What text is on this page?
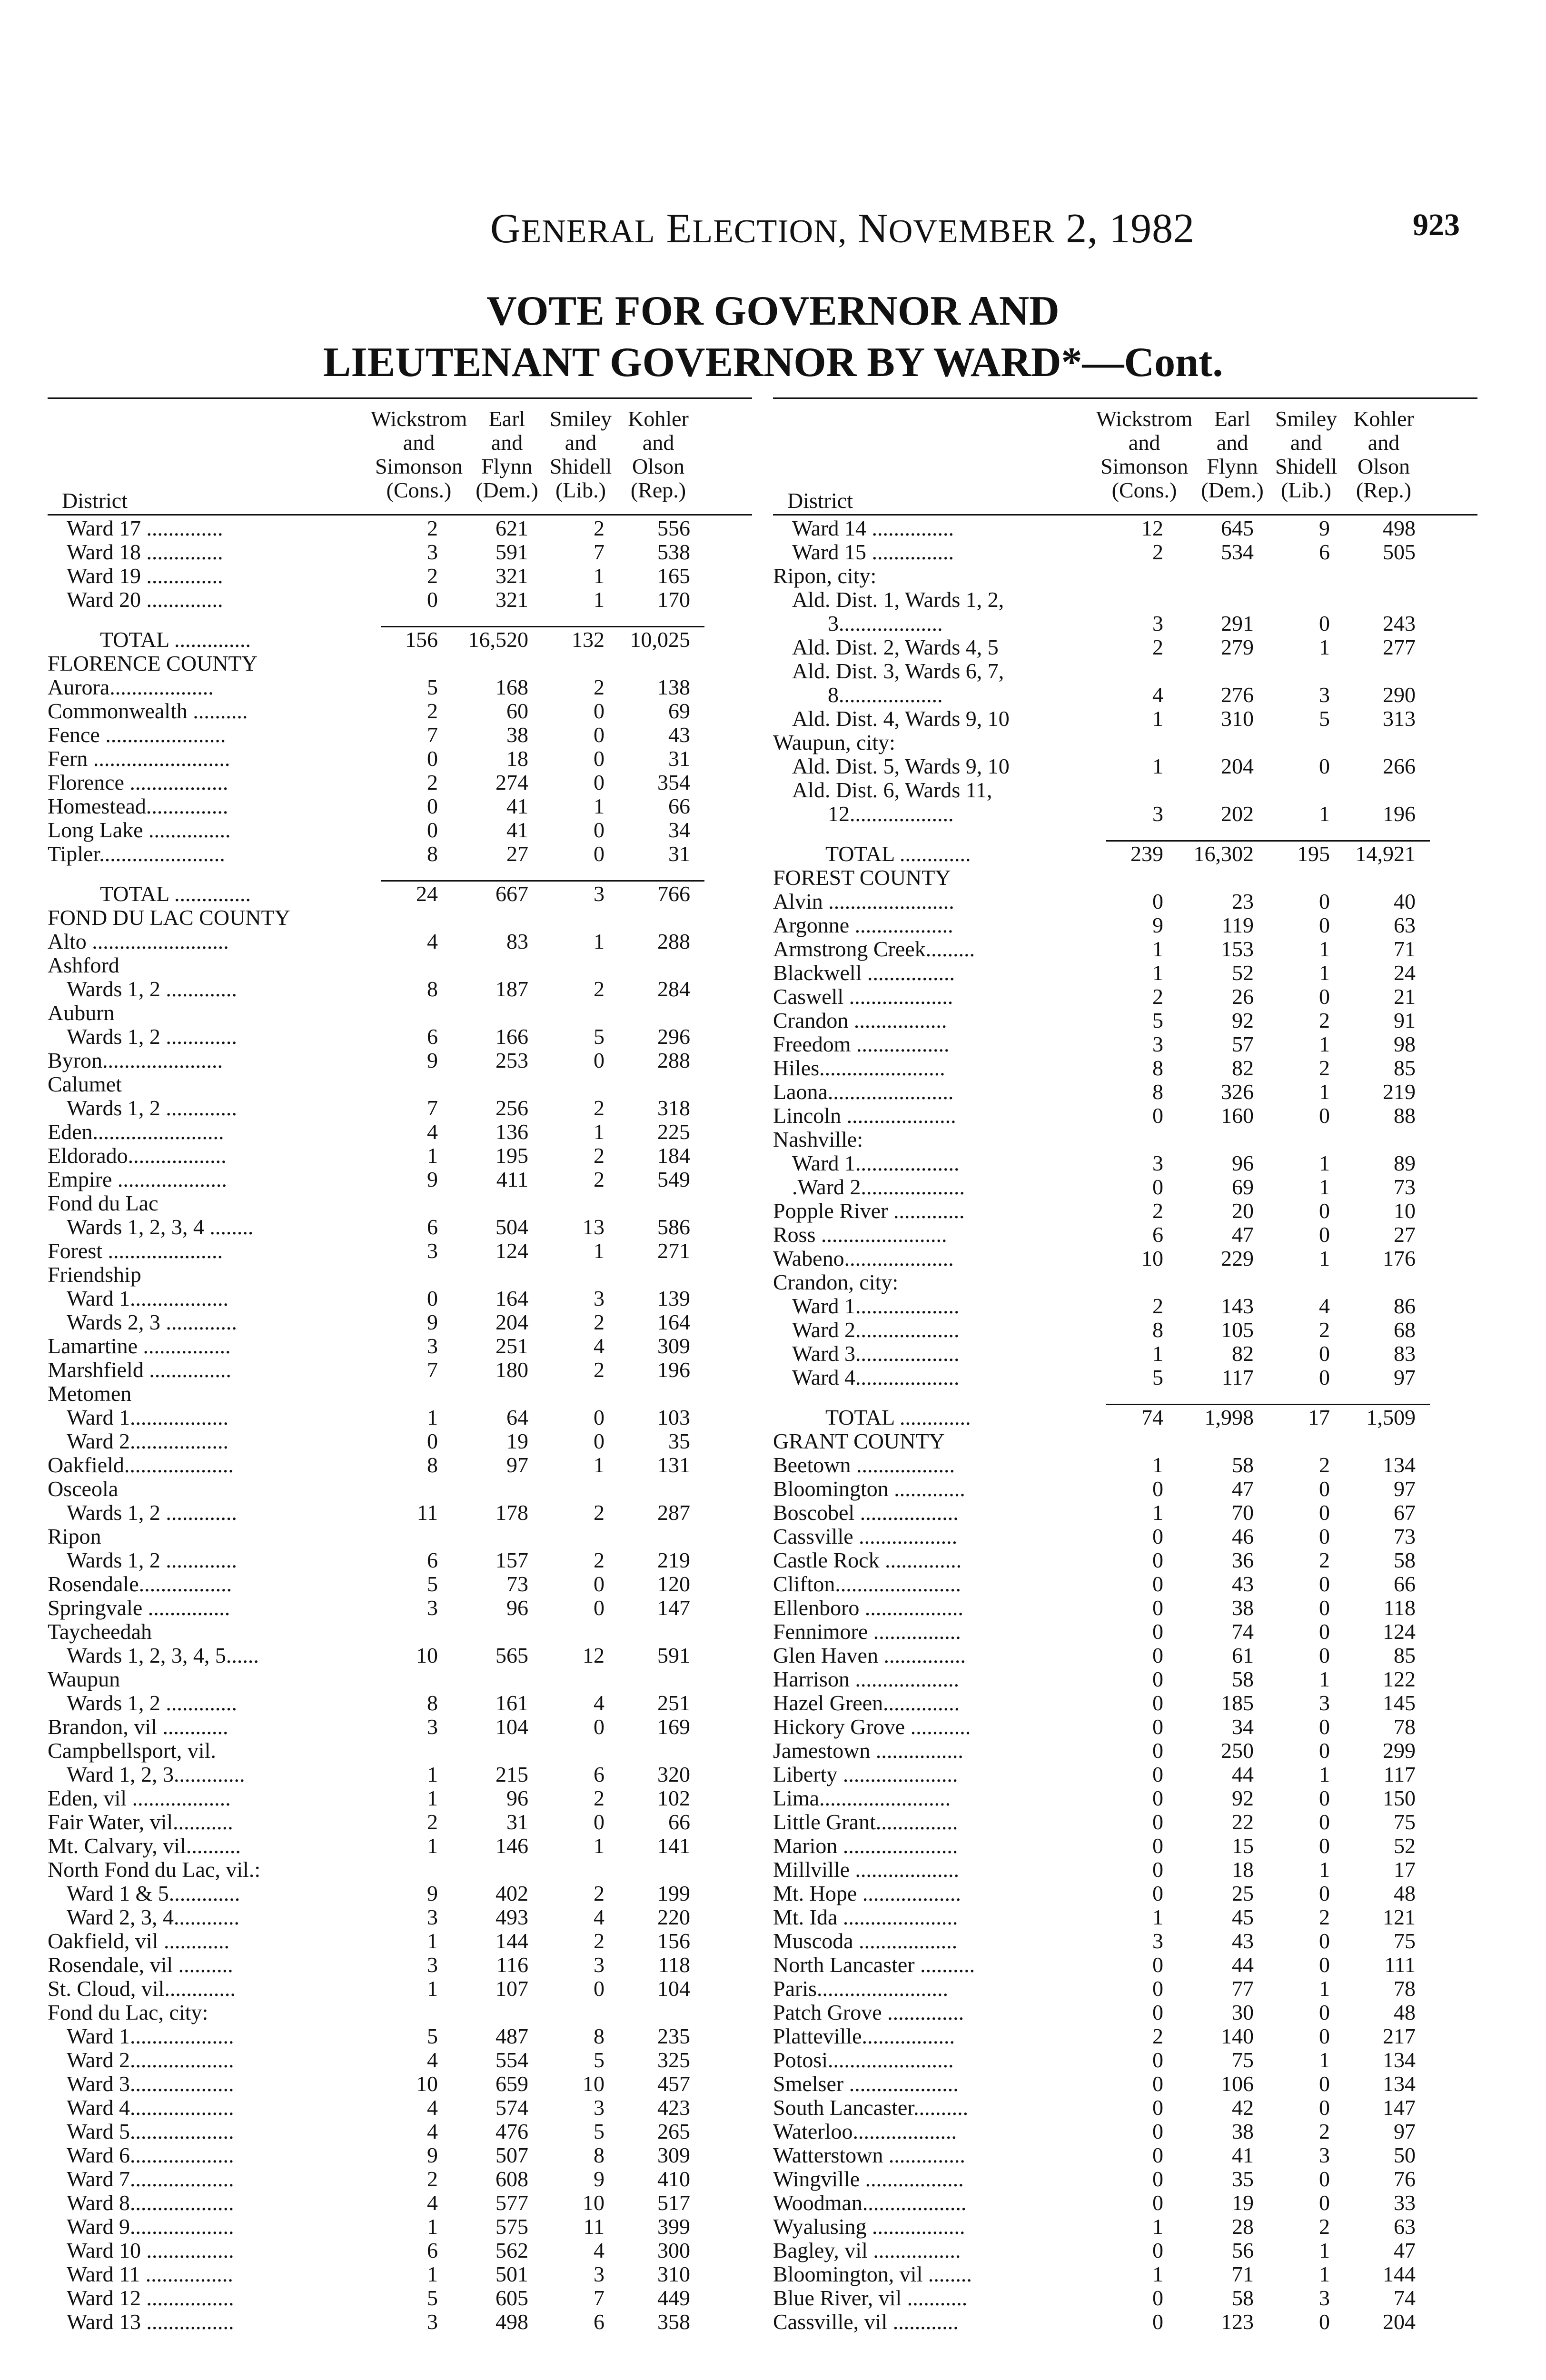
GENERAL ELECTION, NOVEMBER 2, 1982	923
VOTE FOR GOVERNOR AND
LIEUTENANT GOVERNOR BY WARD*—Cont.
Wickstrom
and
Simonson
(Cons.)
Earl
and
Flynn
(Dem.)
Smiley
and
Shidell
(Lib.)
Kohler
and
Olson
(Rep.)
District
Ward 17 ..............	2	621	2	556
Ward 18 ..............	3	591	7	538
Ward 19 ..............	2	321	1	165
Ward 20 ..............	0	321	1	170
TOTAL ..............	156	16,520	132	10,025
FLORENCE COUNTY
Aurora...................	5	168	2	138
Commonwealth ..........	2	60	0	69
Fence ......................	7	38	0	43
Fern .........................	0	18	0	31
Florence ..................	2	274	0	354
Homestead...............	0	41	1	66
Long Lake ...............	0	41	0	34
Tipler.......................	8	27	0	31
TOTAL ..............	24	667	3	766
FOND DU LAC COUNTY
Alto .........................	4	83	1	288
Ashford
Wards 1, 2 .............	8	187	2	284
Auburn
Wards 1, 2 .............	6	166	5	296
Byron......................	9	253	0	288
Calumet
Wards 1, 2 .............	7	256	2	318
Eden........................	4	136	1	225
Eldorado..................	1	195	2	184
Empire ....................	9	411	2	549
Fond du Lac
Wards 1, 2, 3, 4 ........	6	504	13	586
Forest .....................	3	124	1	271
Friendship
Ward 1..................	0	164	3	139
Wards 2, 3 .............	9	204	2	164
Lamartine ................	3	251	4	309
Marshfield ...............	7	180	2	196
Metomen
Ward 1..................	1	64	0	103
Ward 2..................	0	19	0	35
Oakfield....................	8	97	1	131
Osceola
Wards 1, 2 .............	11	178	2	287
Ripon
Wards 1, 2 .............	6	157	2	219
Rosendale.................	5	73	0	120
Springvale ...............	3	96	0	147
Taycheedah
Wards 1, 2, 3, 4, 5......	10	565	12	591
Waupun
Wards 1, 2 .............	8	161	4	251
Brandon, vil ............	3	104	0	169
Campbellsport, vil.
Ward 1, 2, 3.............	1	215	6	320
Eden, vil ..................	1	96	2	102
Fair Water, vil...........	2	31	0	66
Mt. Calvary, vil..........	1	146	1	141
North Fond du Lac, vil.:
Ward 1 & 5.............	9	402	2	199
Ward 2, 3, 4............	3	493	4	220
Oakfield, vil ............	1	144	2	156
Rosendale, vil ..........	3	116	3	118
St. Cloud, vil.............	1	107	0	104
Fond du Lac, city:
Ward 1...................	5	487	8	235
Ward 2...................	4	554	5	325
Ward 3...................	10	659	10	457
Ward 4...................	4	574	3	423
Ward 5...................	4	476	5	265
Ward 6...................	9	507	8	309
Ward 7...................	2	608	9	410
Ward 8...................	4	577	10	517
Ward 9...................	1	575	11	399
Ward 10 ................	6	562	4	300
Ward 11 ................	1	501	3	310
Ward 12 ................	5	605	7	449
Ward 13 ................	3	498	6	358
Wickstrom
and
Simonson
(Cons.)
Earl
and
Flynn
(Dem.)
Smiley
and
Shidell
(Lib.)
Kohler
and
Olson
(Rep.)
District
Ward 14 ...............	12	645	9	498
Ward 15 ...............	2	534	6	505
Ripon, city:
Ald. Dist. 1, Wards 1, 2,
3...................	3	291	0	243
Ald. Dist. 2, Wards 4, 5	2	279	1	277
Ald. Dist. 3, Wards 6, 7,
8...................	4	276	3	290
Ald. Dist. 4, Wards 9, 10	1	310	5	313
Waupun, city:
Ald. Dist. 5, Wards 9, 10	1	204	0	266
Ald. Dist. 6, Wards 11,
12...................	3	202	1	196
TOTAL .............	239	16,302	195	14,921
FOREST COUNTY
Alvin .......................	0	23	0	40
Argonne ..................	9	119	0	63
Armstrong Creek.........	1	153	1	71
Blackwell ................	1	52	1	24
Caswell ...................	2	26	0	21
Crandon .................	5	92	2	91
Freedom .................	3	57	1	98
Hiles.......................	8	82	2	85
Laona.......................	8	326	1	219
Lincoln ....................	0	160	0	88
Nashville:
Ward 1...................	3	96	1	89
.Ward 2...................	0	69	1	73
Popple River .............	2	20	0	10
Ross .......................	6	47	0	27
Wabeno....................	10	229	1	176
Crandon, city:
Ward 1...................	2	143	4	86
Ward 2...................	8	105	2	68
Ward 3...................	1	82	0	83
Ward 4...................	5	117	0	97
TOTAL .............	74	1,998	17	1,509
GRANT COUNTY
Beetown ..................	1	58	2	134
Bloomington .............	0	47	0	97
Boscobel ..................	1	70	0	67
Cassville ..................	0	46	0	73
Castle Rock ..............	0	36	2	58
Clifton.......................	0	43	0	66
Ellenboro ..................	0	38	0	118
Fennimore ................	0	74	0	124
Glen Haven ...............	0	61	0	85
Harrison ...................	0	58	1	122
Hazel Green..............	0	185	3	145
Hickory Grove ...........	0	34	0	78
Jamestown ................	0	250	0	299
Liberty .....................	0	44	1	117
Lima........................	0	92	0	150
Little Grant...............	0	22	0	75
Marion .....................	0	15	0	52
Millville ...................	0	18	1	17
Mt. Hope ..................	0	25	0	48
Mt. Ida .....................	1	45	2	121
Muscoda ..................	3	43	0	75
North Lancaster ..........	0	44	0	111
Paris........................	0	77	1	78
Patch Grove ..............	0	30	0	48
Platteville.................	2	140	0	217
Potosi.......................	0	75	1	134
Smelser ....................	0	106	0	134
South Lancaster..........	0	42	0	147
Waterloo...................	0	38	2	97
Watterstown ..............	0	41	3	50
Wingville ..................	0	35	0	76
Woodman...................	0	19	0	33
Wyalusing .................	1	28	2	63
Bagley, vil ................	0	56	1	47
Bloomington, vil ........	1	71	1	144
Blue River, vil ...........	0	58	3	74
Cassville, vil ............	0	123	0	204
